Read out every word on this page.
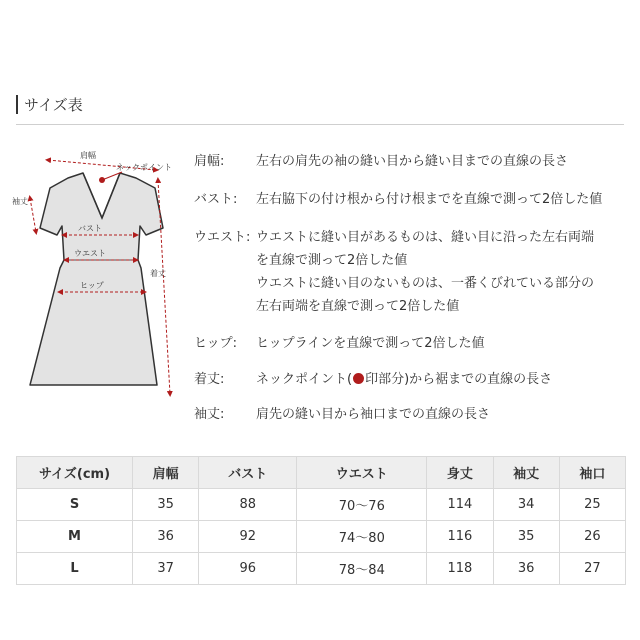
サイズ表
肩幅
ネックポイント
袖丈
バスト
ウエスト
ヒップ
着丈
肩幅:	左右の肩先の袖の縫い目から縫い目までの直線の長さ
バスト:	左右脇下の付け根から付け根までを直線で測って2倍した値
ウエスト: ウエストに縫い目があるものは、縫い目に沿った左右両端
を直線で測って2倍した値
ウエストに縫い目のないものは、一番くびれている部分の
左右両端を直線で測って2倍した値
ヒップ:	ヒップラインを直線で測って2倍した値
着丈:	ネックポイント( 印部分)から裾までの直線の長さ
袖丈:	肩先の縫い目から袖口までの直線の長さ
サイズ(cm)	肩幅	バスト	ウエスト	身丈	袖丈	袖口
S	35	88	70～76	114	34	25
M	36	92	74～80	116	35	26
L	37	96	78～84	118	36	27
